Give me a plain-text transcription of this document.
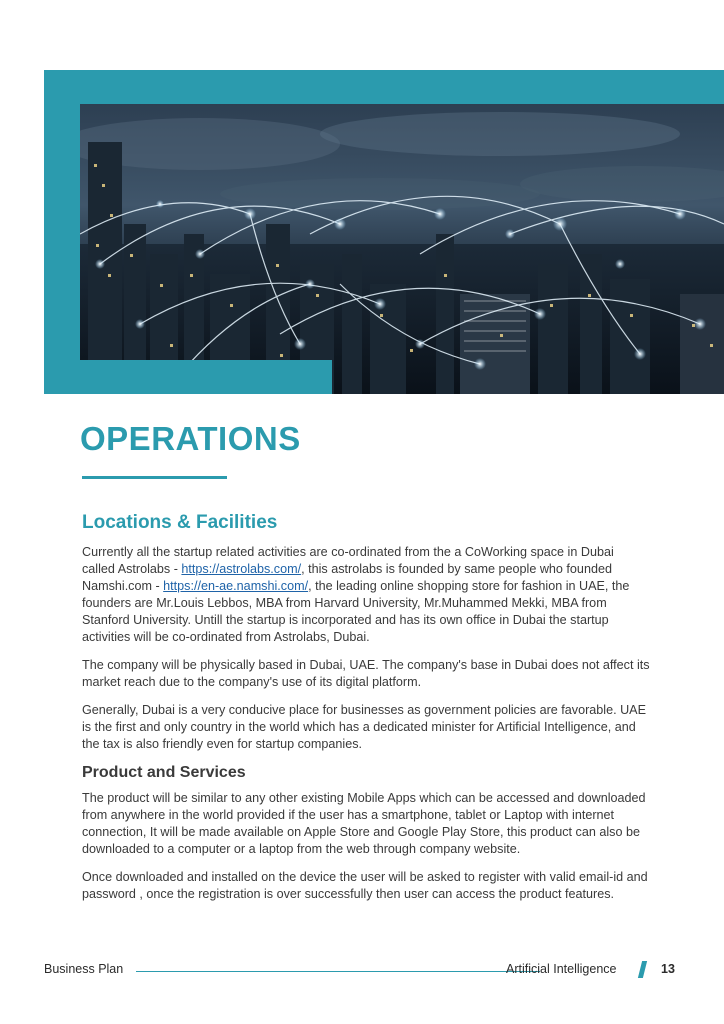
OPERATIONS
Locations & Facilities

Currently all the startup related activities are co-ordinated from the a CoWorking space in Dubai called Astrolabs - https://astrolabs.com/, this astrolabs is founded by same people who founded Namshi.com - https://en-ae.namshi.com/, the leading online shopping store for fashion in UAE, the founders are Mr.Louis Lebbos, MBA from Harvard University, Mr.Muhammed Mekki, MBA from Stanford University. Untill the startup is incorporated and has its own office in Dubai the startup activities will be co-ordinated from Astrolabs, Dubai.

The company will be physically based in Dubai, UAE. The company's base in Dubai does not affect its market reach due to the company's use of its digital platform.

Generally, Dubai is a very conducive place for businesses as government policies are favorable. UAE is the first and only country in the world which has a dedicated minister for Artificial Intelligence, and the tax is also friendly even for startup companies.

Product and Services

The product will be similar to any other existing Mobile Apps which can be accessed and downloaded from anywhere in the world provided if the user has a smartphone, tablet or Laptop with internet connection, It will be made available on Apple Store and Google Play Store, this product can also be downloaded to a computer or a laptop from the web through company website.

Once downloaded and installed on the device the user will be asked to register with valid email-id and password , once the registration is over successfully then user can access the product features.

Business Plan	Artificial Intelligence	13
